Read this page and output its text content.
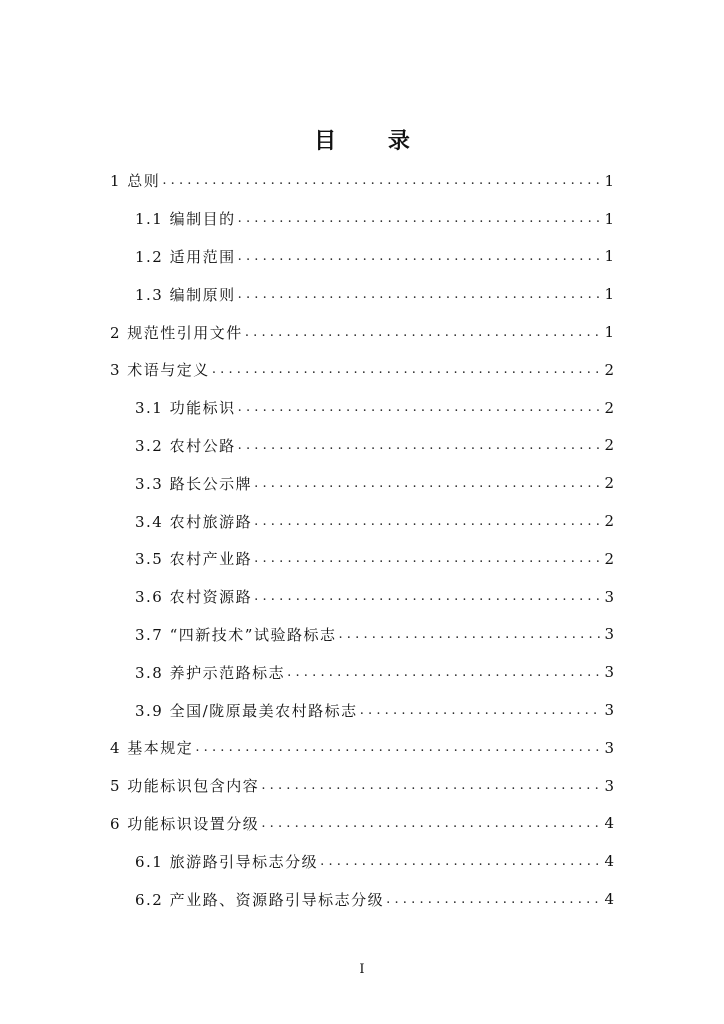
目 录
1 总则 .....	1
1.1 编制目的 .....	1
1.2 适用范围 .....	1
1.3 编制原则 .....	1
2 规范性引用文件 .....	1
3 术语与定义 .....	2
3.1 功能标识 .....	2
3.2 农村公路 .....	2
3.3 路长公示牌 .....	2
3.4 农村旅游路 .....	2
3.5 农村产业路 .....	2
3.6 农村资源路 .....	3
3.7 “四新技术”试验路标志 .....	3
3.8 养护示范路标志 .....	3
3.9 全国/陇原最美农村路标志 .....	3
4 基本规定 .....	3
5 功能标识包含内容 .....	3
6 功能标识设置分级 .....	4
6.1 旅游路引导标志分级 .....	4
6.2 产业路、资源路引导标志分级 .....	4
I
